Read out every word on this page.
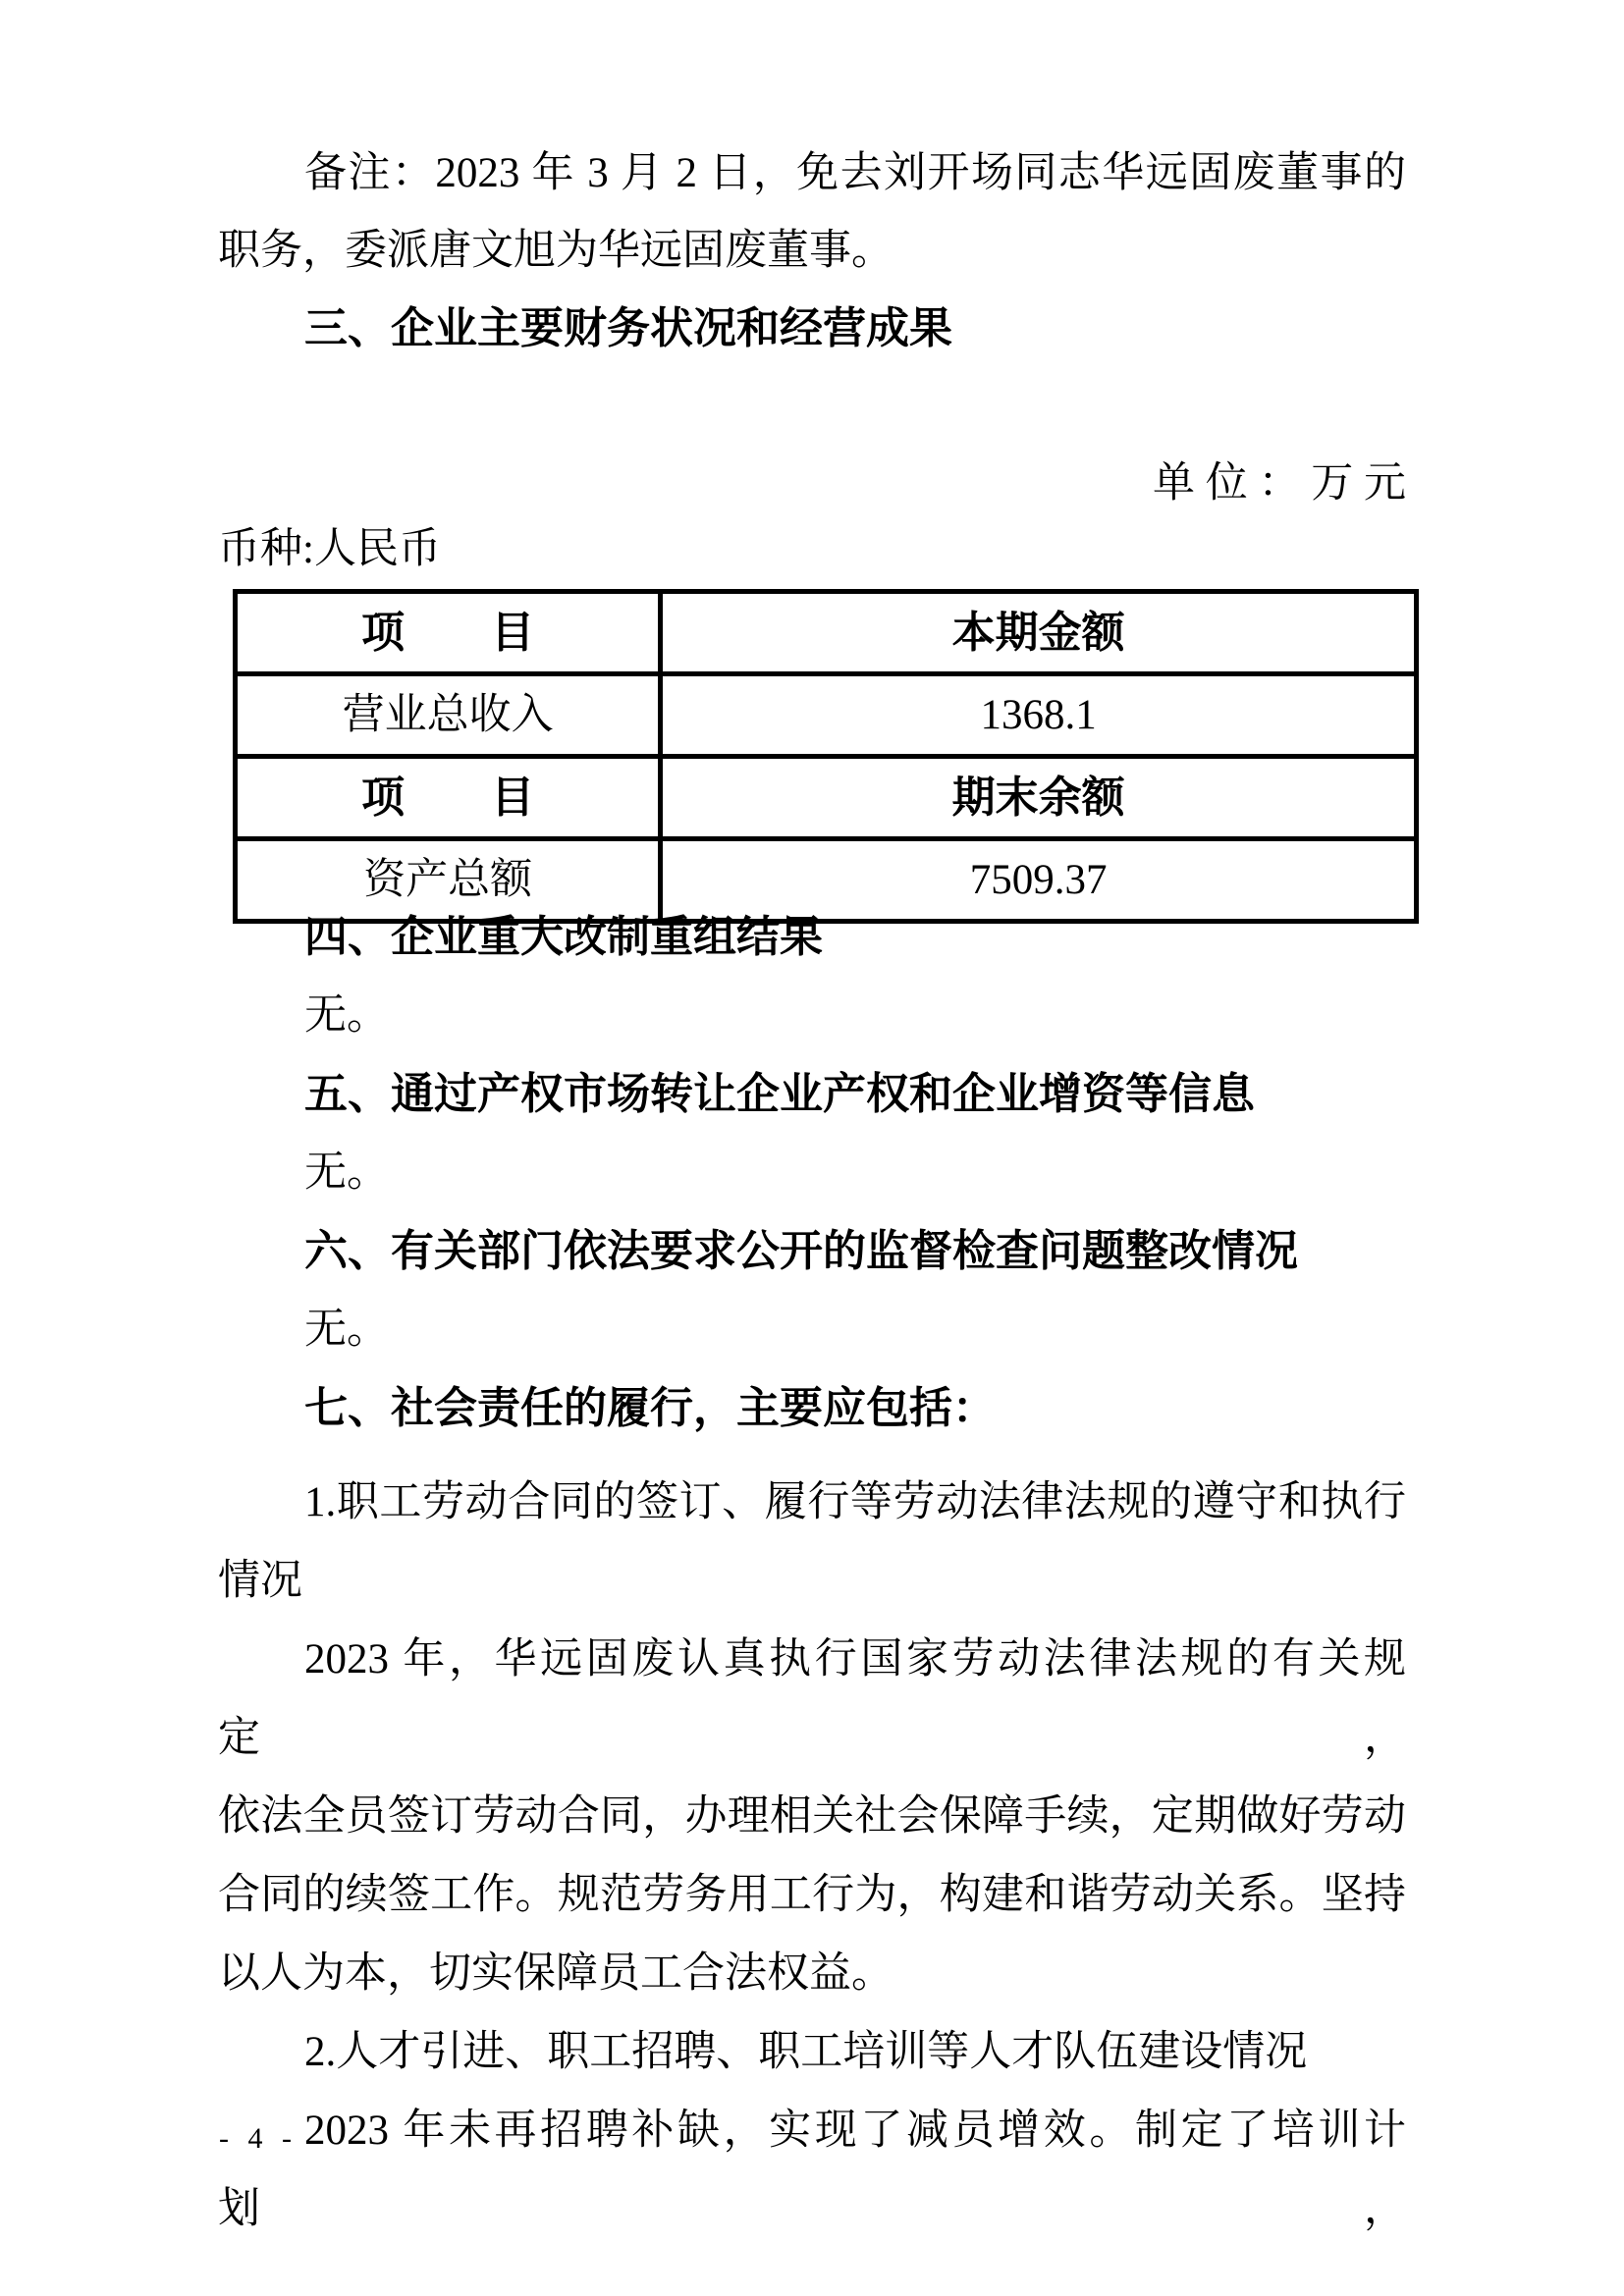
备注：2023 年 3 月 2 日，免去刘开场同志华远固废董事的

职务，委派唐文旭为华远固废董事。

三、企业主要财务状况和经营成果

单 位 ： 万 元

币种:人民币

项　　目	本期金额
营业总收入	1368.1
项　　目	期末余额
资产总额	7509.37

四、企业重大改制重组结果

无。

五、通过产权市场转让企业产权和企业增资等信息

无。

六、有关部门依法要求公开的监督检查问题整改情况

无。

七、社会责任的履行，主要应包括：

1.职工劳动合同的签订、履行等劳动法律法规的遵守和执行

情况

2023 年，华远固废认真执行国家劳动法律法规的有关规定，

依法全员签订劳动合同，办理相关社会保障手续，定期做好劳动

合同的续签工作。规范劳务用工行为，构建和谐劳动关系。坚持

以人为本，切实保障员工合法权益。

2.人才引进、职工招聘、职工培训等人才队伍建设情况

2023 年未再招聘补缺，实现了减员增效。制定了培训计划，

- 4 -
